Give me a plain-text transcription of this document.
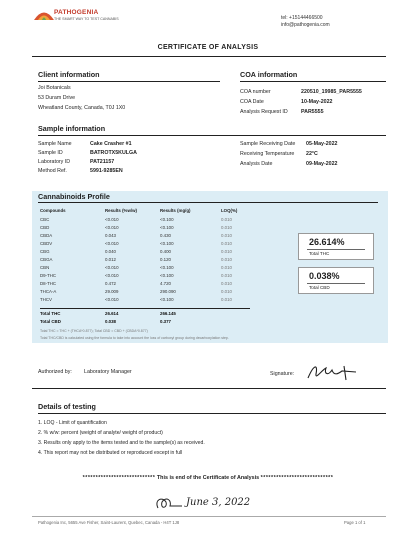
PATHOGENIA
THE SMART WAY TO TEST CANNABIS	tel: +15144466500
info@pathogenia.com
CERTIFICATE OF ANALYSIS
Client information
Joi Botanicals
53 Duram Drive
Wheatland County, Canada, T0J 1X0
COA information
COA number	220510_19985_PAR5555
COA Date	10-May-2022
Analysis Request ID	PAR5555
Sample information
Sample Name	Cake Crasher #1
Sample ID	BATROTX5KULGA
Laboratory ID	PAT21157
Method Ref.	5991-9285EN
Sample Receiving Date 05-May-2022
Receiving Temperature 22°C
Analysis Date	09-May-2022
Cannabinoids Profile
Compounds	Results (%w/w)	Results (mg/g)	LOQ(%)
CBC	<0.010	<0.100	0.010
CBD	<0.010	<0.100	0.010
CBDA	0.043	0.430	0.010
CBDV	<0.010	<0.100	0.010
CBG	0.040	0.400	0.010
CBGA	0.012	0.120	0.010
CBN	<0.010	<0.100	0.010
D9-THC	<0.010	<0.100	0.010
D8-THC	0.472	4.720	0.010
THCA-A	29.009	290.090	0.010
THCV	<0.010	<0.100	0.010
Total THC	26.614	266.145
Total CBD	0.038	0.377
26.614%
Total THC
0.038%
Total CBD
Total THC = THC + (THCA*0.877); Total CBD = CBD + (CBDA*0.877)
Total THC/CBD is calculated using the formula to take into account the loss of carboxyl group during decarboxylation step.
Authorized by: Laboratory Manager	Signature:
Details of testing
1. LOQ - Limit of quantification
2. % w/w: percent (weight of analyte/ weight of product)
3. Results only apply to the items tested and to the sample(s) as received.
4. This report may not be distributed or reproduced except in full
**************************** This is end of the Certificate of Analysis ****************************
June 3, 2022
Pathogenia Inc, 5655 Ave Fisher, Saint-Laurent, Quebec, Canada - H4T 1J8	Page 1 of 1
